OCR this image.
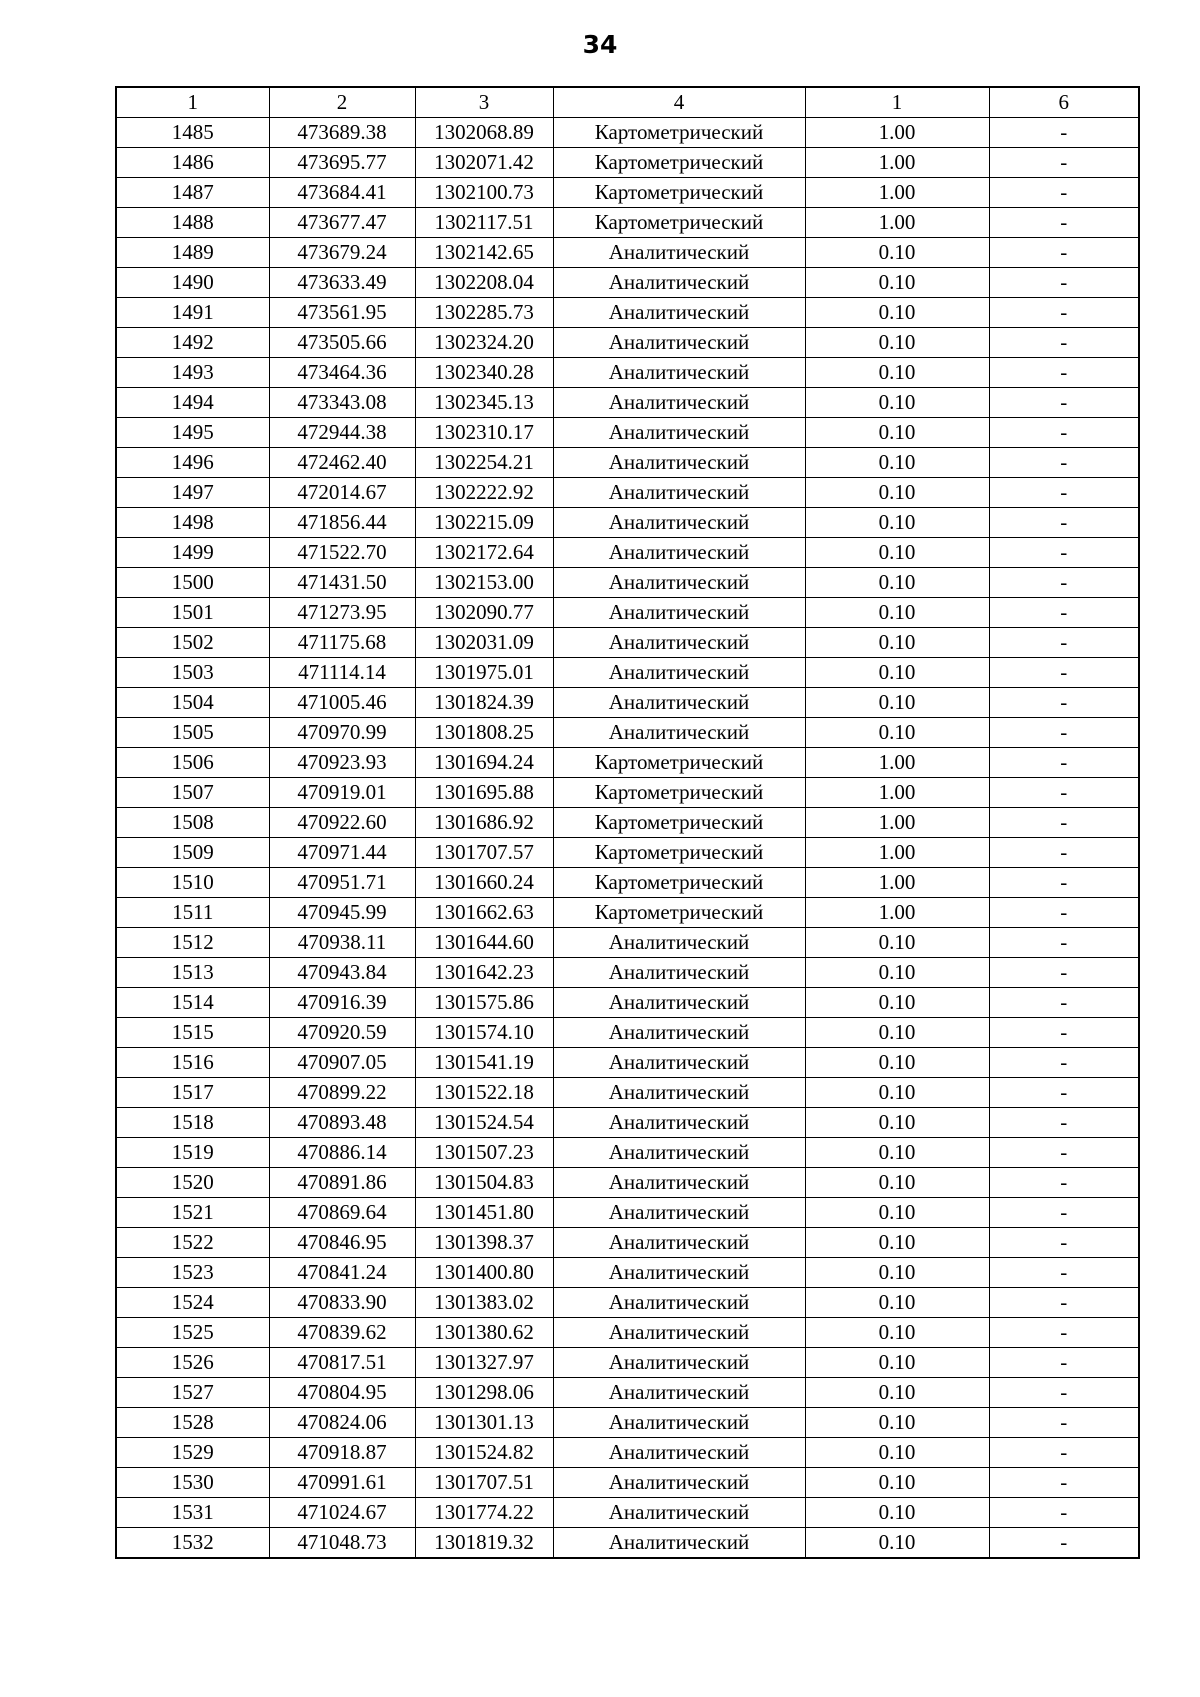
34
1	2	3	4	1	6
1485	473689.38	1302068.89	Картометрический	1.00	-
1486	473695.77	1302071.42	Картометрический	1.00	-
1487	473684.41	1302100.73	Картометрический	1.00	-
1488	473677.47	1302117.51	Картометрический	1.00	-
1489	473679.24	1302142.65	Аналитический	0.10	-
1490	473633.49	1302208.04	Аналитический	0.10	-
1491	473561.95	1302285.73	Аналитический	0.10	-
1492	473505.66	1302324.20	Аналитический	0.10	-
1493	473464.36	1302340.28	Аналитический	0.10	-
1494	473343.08	1302345.13	Аналитический	0.10	-
1495	472944.38	1302310.17	Аналитический	0.10	-
1496	472462.40	1302254.21	Аналитический	0.10	-
1497	472014.67	1302222.92	Аналитический	0.10	-
1498	471856.44	1302215.09	Аналитический	0.10	-
1499	471522.70	1302172.64	Аналитический	0.10	-
1500	471431.50	1302153.00	Аналитический	0.10	-
1501	471273.95	1302090.77	Аналитический	0.10	-
1502	471175.68	1302031.09	Аналитический	0.10	-
1503	471114.14	1301975.01	Аналитический	0.10	-
1504	471005.46	1301824.39	Аналитический	0.10	-
1505	470970.99	1301808.25	Аналитический	0.10	-
1506	470923.93	1301694.24	Картометрический	1.00	-
1507	470919.01	1301695.88	Картометрический	1.00	-
1508	470922.60	1301686.92	Картометрический	1.00	-
1509	470971.44	1301707.57	Картометрический	1.00	-
1510	470951.71	1301660.24	Картометрический	1.00	-
1511	470945.99	1301662.63	Картометрический	1.00	-
1512	470938.11	1301644.60	Аналитический	0.10	-
1513	470943.84	1301642.23	Аналитический	0.10	-
1514	470916.39	1301575.86	Аналитический	0.10	-
1515	470920.59	1301574.10	Аналитический	0.10	-
1516	470907.05	1301541.19	Аналитический	0.10	-
1517	470899.22	1301522.18	Аналитический	0.10	-
1518	470893.48	1301524.54	Аналитический	0.10	-
1519	470886.14	1301507.23	Аналитический	0.10	-
1520	470891.86	1301504.83	Аналитический	0.10	-
1521	470869.64	1301451.80	Аналитический	0.10	-
1522	470846.95	1301398.37	Аналитический	0.10	-
1523	470841.24	1301400.80	Аналитический	0.10	-
1524	470833.90	1301383.02	Аналитический	0.10	-
1525	470839.62	1301380.62	Аналитический	0.10	-
1526	470817.51	1301327.97	Аналитический	0.10	-
1527	470804.95	1301298.06	Аналитический	0.10	-
1528	470824.06	1301301.13	Аналитический	0.10	-
1529	470918.87	1301524.82	Аналитический	0.10	-
1530	470991.61	1301707.51	Аналитический	0.10	-
1531	471024.67	1301774.22	Аналитический	0.10	-
1532	471048.73	1301819.32	Аналитический	0.10	-
